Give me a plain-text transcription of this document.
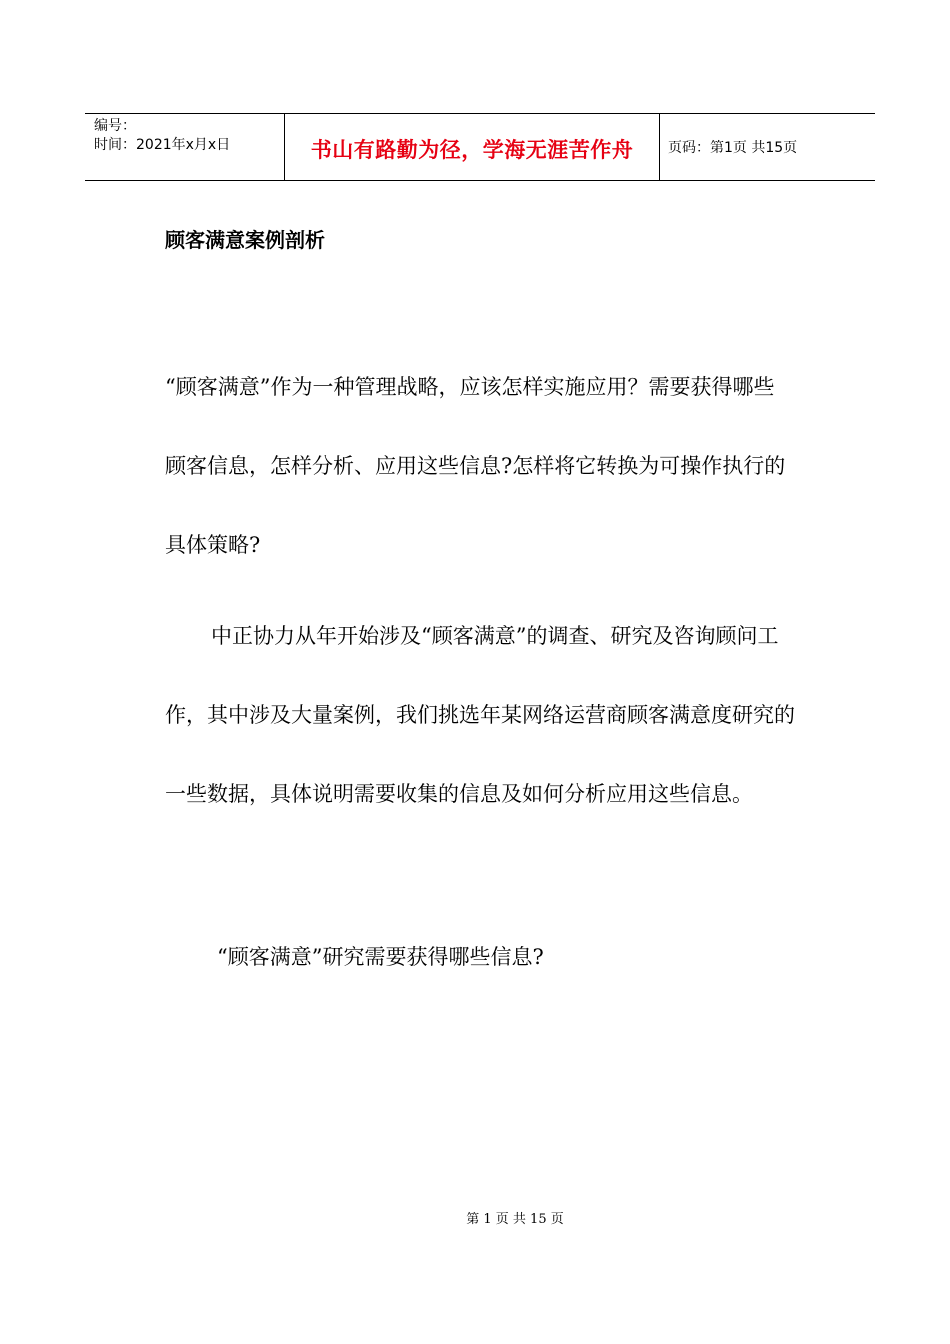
编号：
时间：2021年x月x日	书山有路勤为径，学海无涯苦作舟	页码：第1页 共15页
顾客满意案例剖析

“顾客满意”作为一种管理战略，应该怎样实施应用？需要获得哪些顾客信息，怎样分析、应用这些信息?怎样将它转换为可操作执行的具体策略?

中正协力从年开始涉及“顾客满意”的调查、研究及咨询顾问工作，其中涉及大量案例，我们挑选年某网络运营商顾客满意度研究的一些数据，具体说明需要收集的信息及如何分析应用这些信息。

“顾客满意”研究需要获得哪些信息?

第 1 页 共 15 页
